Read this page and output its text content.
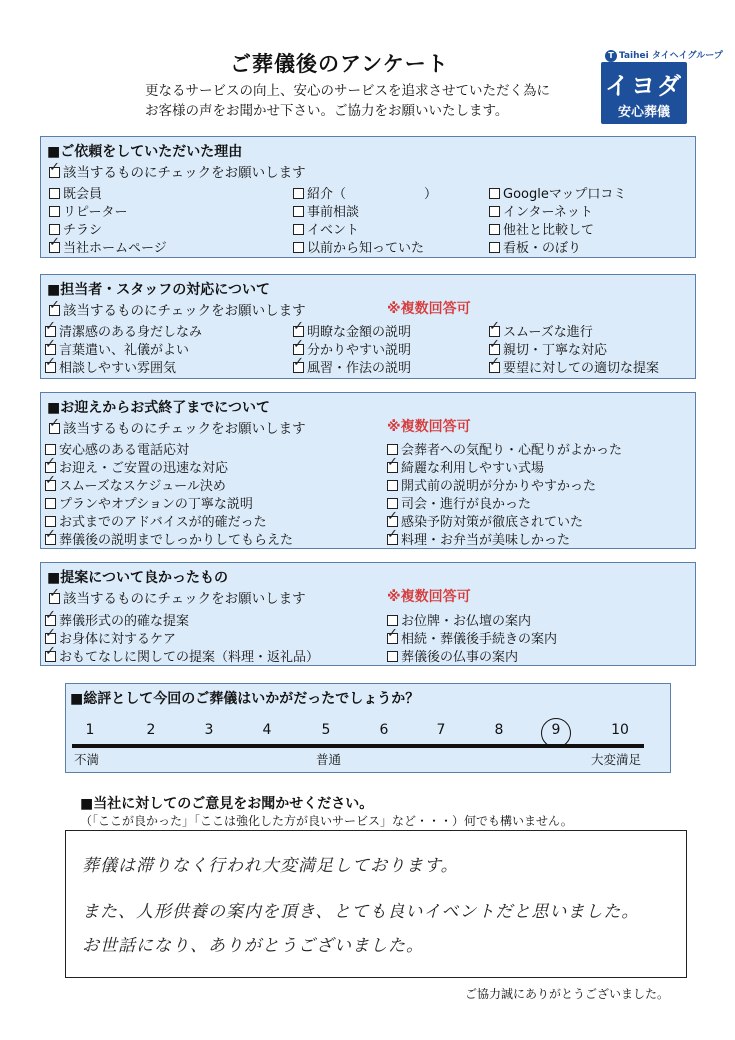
ご葬儀後のアンケート
更なるサービスの向上、安心のサービスを追求させていただく為に
お客様の声をお聞かせ下さい。ご協力をお願いいたします。
T Taihei タイヘイグループ
イヨダ
安心葬儀
■ご依頼をしていただいた理由
✓該当するものにチェックをお願いします
既会員	紹介（　　　　　　）	Googleマップ口コミ
リピーター	事前相談	インターネット
チラシ	イベント	他社と比較して
✓当社ホームページ	以前から知っていた	看板・のぼり
■担当者・スタッフの対応について
✓該当するものにチェックをお願いします	※複数回答可
✓清潔感のある身だしなみ ✓	明瞭な金額の説明 ✓	スムーズな進行
✓言葉遣い、礼儀がよい ✓	分かりやすい説明 ✓	親切・丁寧な対応
✓相談しやすい雰囲気 ✓	風習・作法の説明 ✓	要望に対しての適切な提案
■お迎えからお式終了までについて
✓該当するものにチェックをお願いします	※複数回答可
安心感のある電話応対	会葬者への気配り・心配りがよかった
✓お迎え・ご安置の迅速な対応 ✓	綺麗な利用しやすい式場
✓スムーズなスケジュール決め	開式前の説明が分かりやすかった
プランやオプションの丁寧な説明	司会・進行が良かった
お式までのアドバイスが的確だった ✓	感染予防対策が徹底されていた
✓葬儀後の説明までしっかりしてもらえた ✓	料理・お弁当が美味しかった
■提案について良かったもの
✓該当するものにチェックをお願いします	※複数回答可
✓葬儀形式の的確な提案	お位牌・お仏壇の案内
✓お身体に対するケア ✓	相続・葬儀後手続きの案内
✓おもてなしに関しての提案（料理・返礼品）	葬儀後の仏事の案内
■総評として今回のご葬儀はいかがだったでしょうか？
1	2	3	4	5	6	7	8	9	10
不満	普通	大変満足
■当社に対してのご意見をお聞かせください。
（「ここが良かった」「ここは強化した方が良いサービス」など・・・）何でも構いません。
葬儀は滞りなく行われ大変満足しております。
また、人形供養の案内を頂き、とても良いイベントだと思いました。
お世話になり、ありがとうございました。
ご協力誠にありがとうございました。
